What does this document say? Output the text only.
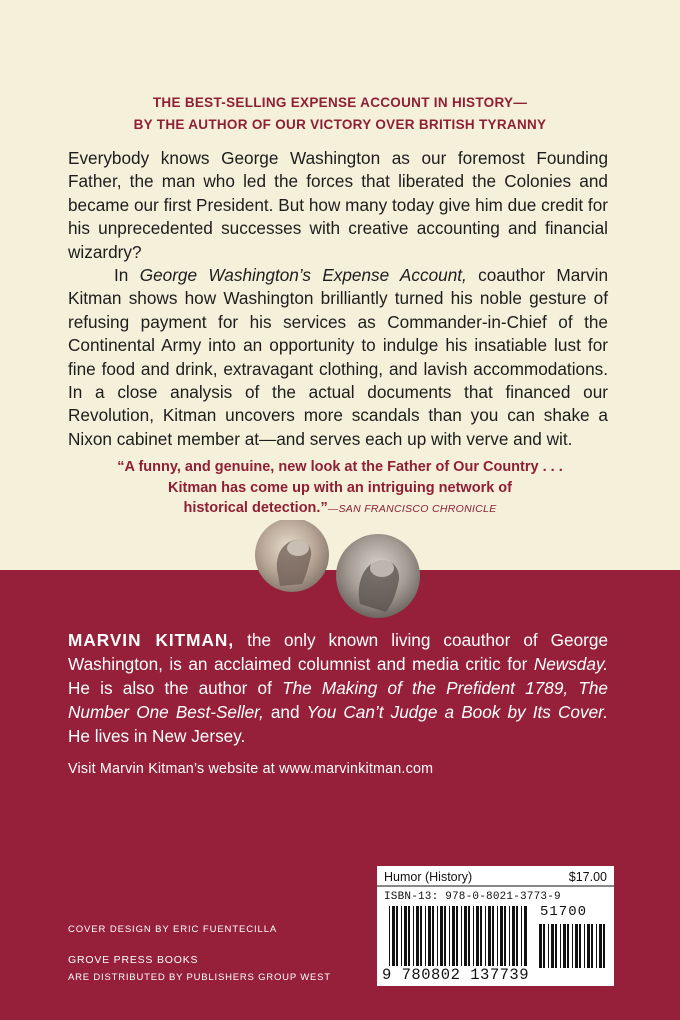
THE BEST-SELLING EXPENSE ACCOUNT IN HISTORY—
BY THE AUTHOR OF OUR VICTORY OVER BRITISH TYRANNY

Everybody knows George Washington as our foremost Founding Father, the man who led the forces that liberated the Colonies and became our first President. But how many today give him due credit for his unprecedented successes with creative accounting and financial wizardry?

In George Washington’s Expense Account, coauthor Marvin Kitman shows how Washington brilliantly turned his noble gesture of refusing payment for his services as Commander-in-Chief of the Continental Army into an opportunity to indulge his insatiable lust for fine food and drink, extravagant clothing, and lavish accommodations. In a close analysis of the actual documents that financed our Revolution, Kitman uncovers more scandals than you can shake a Nixon cabinet member at—and serves each up with verve and wit.

“A funny, and genuine, new look at the Father of Our Country . . .
Kitman has come up with an intriguing network of
historical detection.”—SAN FRANCISCO CHRONICLE
MARVIN KITMAN, the only known living coauthor of George Washington, is an acclaimed columnist and media critic for Newsday. He is also the author of The Making of the Prefident 1789, The Number One Best-Seller, and You Can’t Judge a Book by Its Cover. He lives in New Jersey.
Visit Marvin Kitman’s website at www.marvinkitman.com
COVER DESIGN BY ERIC FUENTECILLA
GROVE PRESS BOOKS
ARE DISTRIBUTED BY PUBLISHERS GROUP WEST
Humor (History)	$17.00
ISBN-13: 978-0-8021-3773-9
51700
9 780802 137739
